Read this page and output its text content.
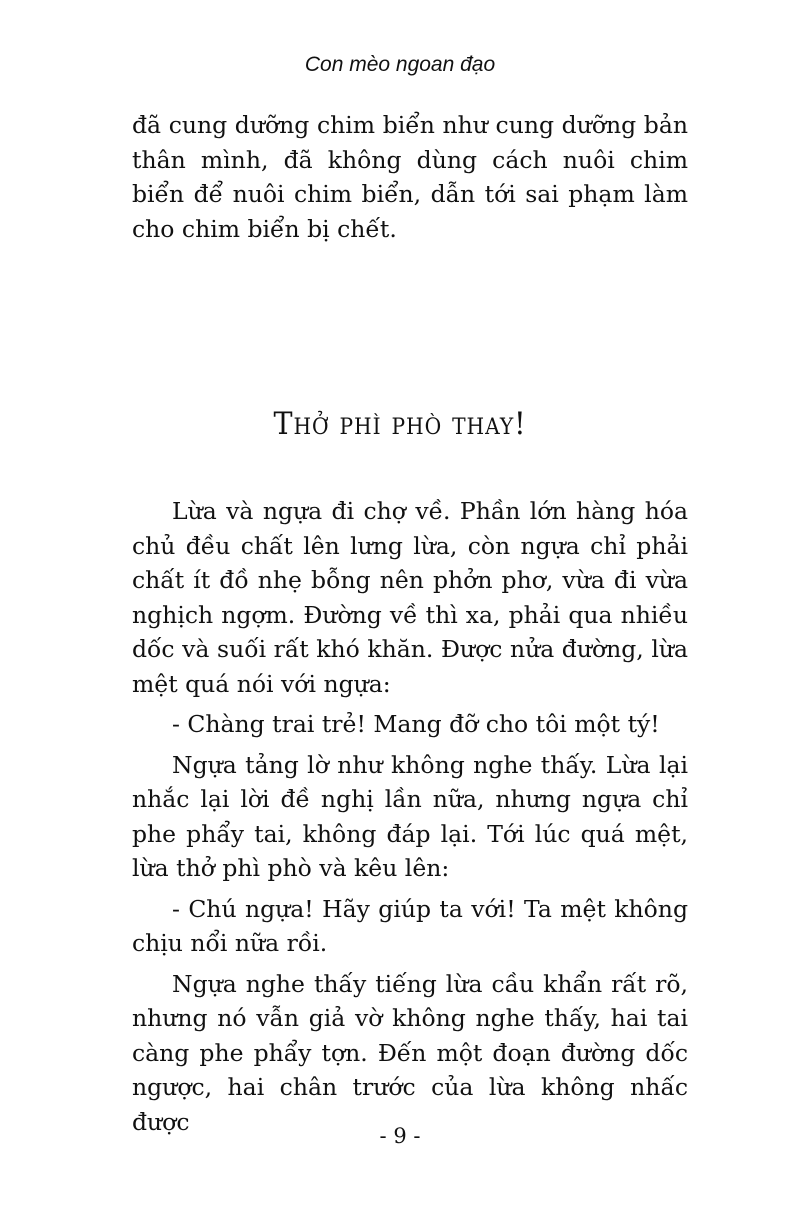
Con mèo ngoan đạo

đã cung dưỡng chim biển như cung dưỡng bản thân mình, đã không dùng cách nuôi chim biển để nuôi chim biển, dẫn tới sai phạm làm cho chim biển bị chết.

Thở phì phò thay!

Lừa và ngựa đi chợ về. Phần lớn hàng hóa chủ đều chất lên lưng lừa, còn ngựa chỉ phải chất ít đồ nhẹ bỗng nên phởn phơ, vừa đi vừa nghịch ngợm. Đường về thì xa, phải qua nhiều dốc và suối rất khó khăn. Được nửa đường, lừa mệt quá nói với ngựa:

- Chàng trai trẻ! Mang đỡ cho tôi một tý!

Ngựa tảng lờ như không nghe thấy. Lừa lại nhắc lại lời đề nghị lần nữa, nhưng ngựa chỉ phe phẩy tai, không đáp lại. Tới lúc quá mệt, lừa thở phì phò và kêu lên:

- Chú ngựa! Hãy giúp ta với! Ta mệt không chịu nổi nữa rồi.

Ngựa nghe thấy tiếng lừa cầu khẩn rất rõ, nhưng nó vẫn giả vờ không nghe thấy, hai tai càng phe phẩy tợn. Đến một đoạn đường dốc ngược, hai chân trước của lừa không nhấc được

- 9 -
